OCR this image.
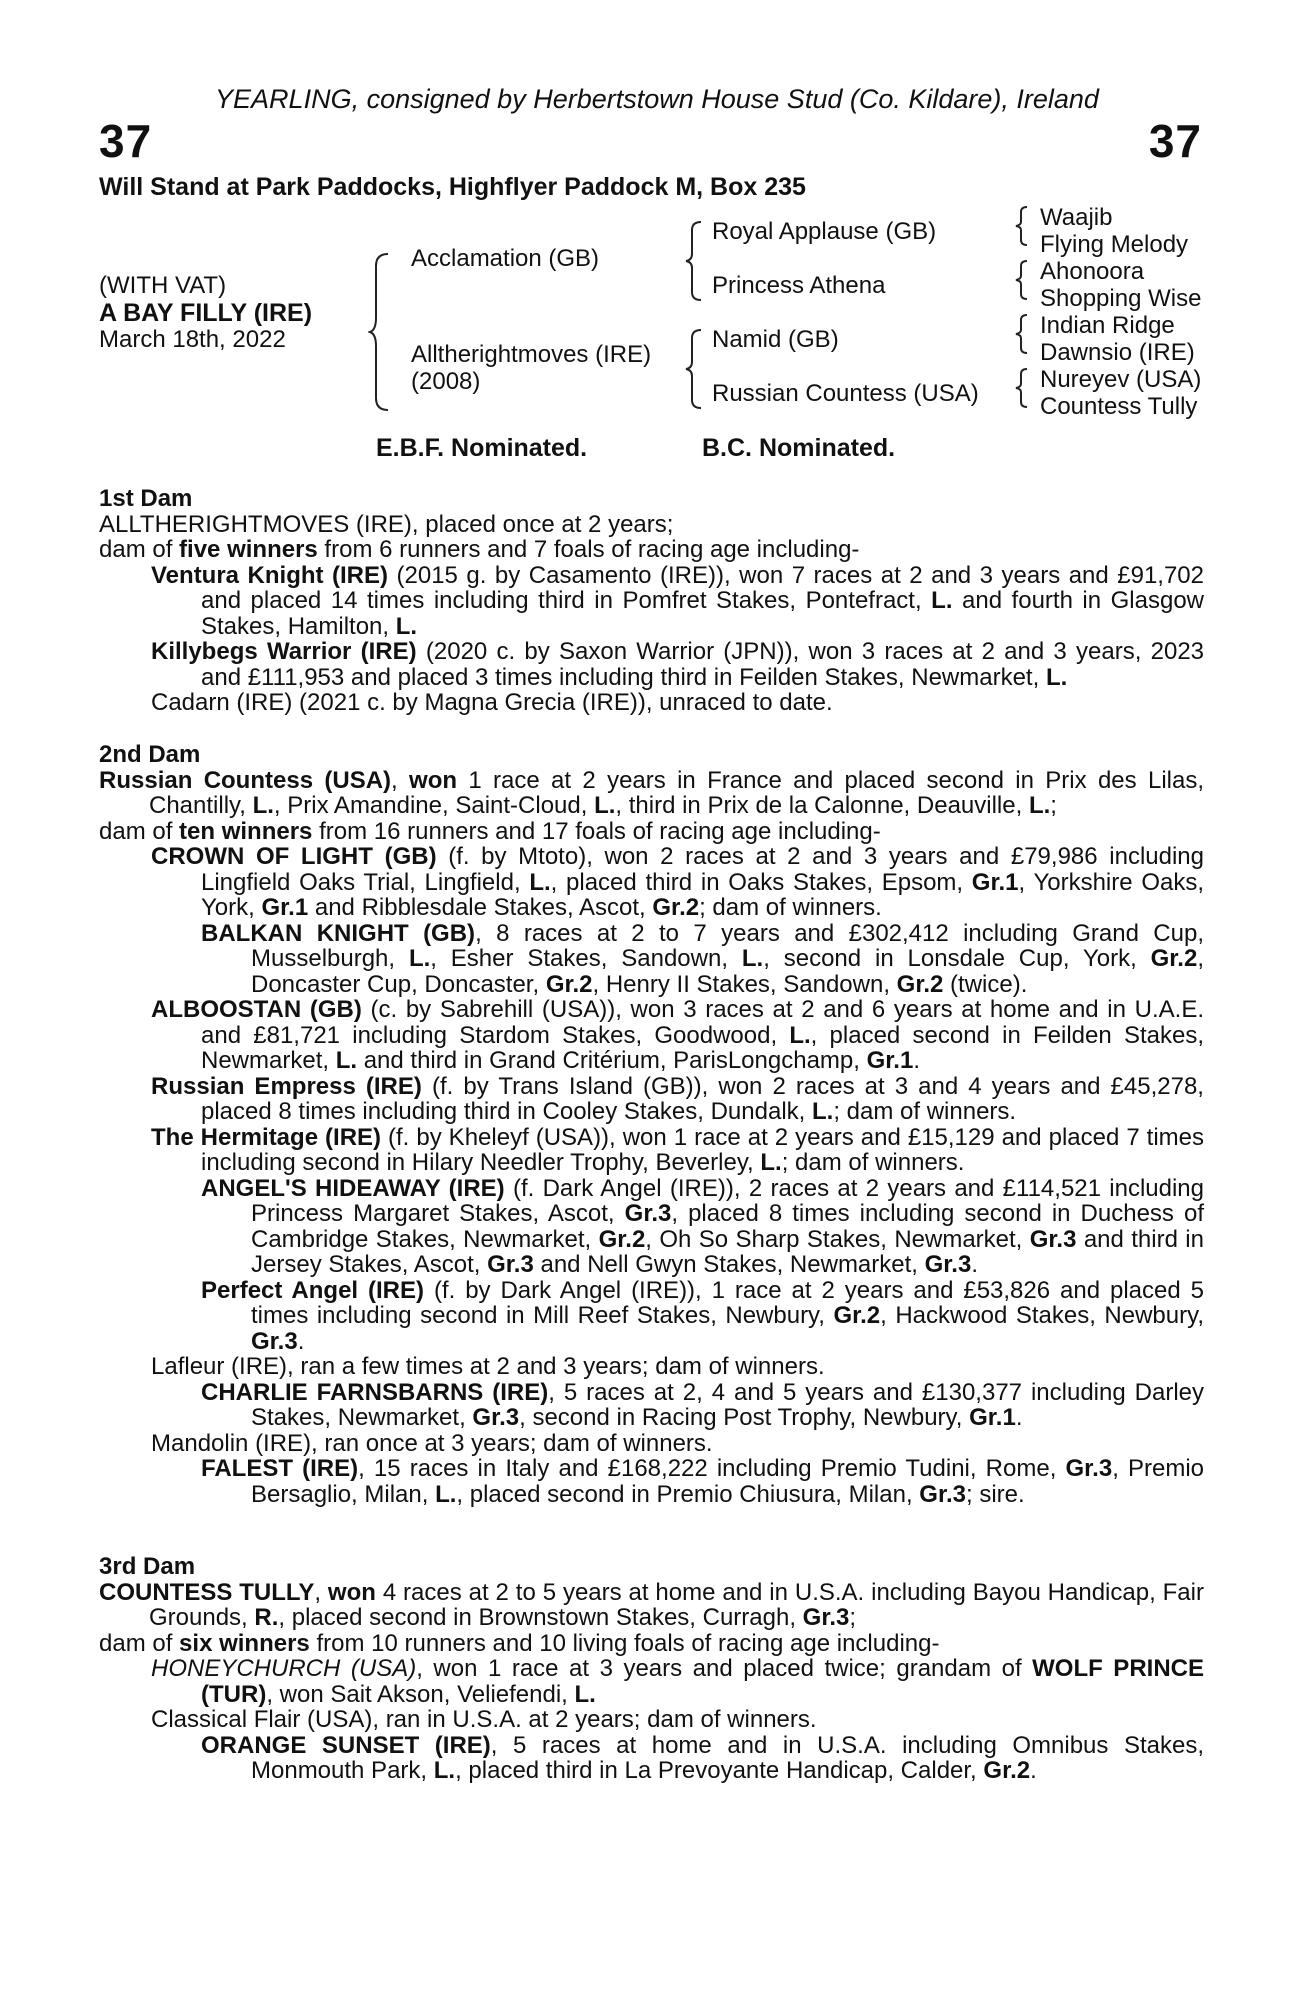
YEARLING, consigned by Herbertstown House Stud (Co. Kildare), Ireland
37	37
Will Stand at Park Paddocks, Highflyer Paddock M, Box 235
(WITH VAT)
A BAY FILLY (IRE)
March 18th, 2022
Acclamation (GB)
Alltherightmoves (IRE)
(2008)
Royal Applause (GB)
Princess Athena
Namid (GB)
Russian Countess (USA)
Waajib
Flying Melody
Ahonoora
Shopping Wise
Indian Ridge
Dawnsio (IRE)
Nureyev (USA)
Countess Tully
E.B.F. Nominated.	B.C. Nominated.

1st Dam

ALLTHERIGHTMOVES (IRE), placed once at 2 years;

dam of five winners from 6 runners and 7 foals of racing age including-

Ventura Knight (IRE) (2015 g. by Casamento (IRE)), won 7 races at 2 and 3 years and £91,702 and placed 14 times including third in Pomfret Stakes, Pontefract, L. and fourth in Glasgow Stakes, Hamilton, L.

Killybegs Warrior (IRE) (2020 c. by Saxon Warrior (JPN)), won 3 races at 2 and 3 years, 2023 and £111,953 and placed 3 times including third in Feilden Stakes, Newmarket, L.

Cadarn (IRE) (2021 c. by Magna Grecia (IRE)), unraced to date.

2nd Dam

Russian Countess (USA), won 1 race at 2 years in France and placed second in Prix des Lilas, Chantilly, L., Prix Amandine, Saint-Cloud, L., third in Prix de la Calonne, Deauville, L.;

dam of ten winners from 16 runners and 17 foals of racing age including-

CROWN OF LIGHT (GB) (f. by Mtoto), won 2 races at 2 and 3 years and £79,986 including Lingfield Oaks Trial, Lingfield, L., placed third in Oaks Stakes, Epsom, Gr.1, Yorkshire Oaks, York, Gr.1 and Ribblesdale Stakes, Ascot, Gr.2; dam of winners.

BALKAN KNIGHT (GB), 8 races at 2 to 7 years and £302,412 including Grand Cup, Musselburgh, L., Esher Stakes, Sandown, L., second in Lonsdale Cup, York, Gr.2, Doncaster Cup, Doncaster, Gr.2, Henry II Stakes, Sandown, Gr.2 (twice).

ALBOOSTAN (GB) (c. by Sabrehill (USA)), won 3 races at 2 and 6 years at home and in U.A.E. and £81,721 including Stardom Stakes, Goodwood, L., placed second in Feilden Stakes, Newmarket, L. and third in Grand Critérium, ParisLongchamp, Gr.1.

Russian Empress (IRE) (f. by Trans Island (GB)), won 2 races at 3 and 4 years and £45,278, placed 8 times including third in Cooley Stakes, Dundalk, L.; dam of winners.

The Hermitage (IRE) (f. by Kheleyf (USA)), won 1 race at 2 years and £15,129 and placed 7 times including second in Hilary Needler Trophy, Beverley, L.; dam of winners.

ANGEL'S HIDEAWAY (IRE) (f. Dark Angel (IRE)), 2 races at 2 years and £114,521 including Princess Margaret Stakes, Ascot, Gr.3, placed 8 times including second in Duchess of Cambridge Stakes, Newmarket, Gr.2, Oh So Sharp Stakes, Newmarket, Gr.3 and third in Jersey Stakes, Ascot, Gr.3 and Nell Gwyn Stakes, Newmarket, Gr.3.

Perfect Angel (IRE) (f. by Dark Angel (IRE)), 1 race at 2 years and £53,826 and placed 5 times including second in Mill Reef Stakes, Newbury, Gr.2, Hackwood Stakes, Newbury, Gr.3.

Lafleur (IRE), ran a few times at 2 and 3 years; dam of winners.

CHARLIE FARNSBARNS (IRE), 5 races at 2, 4 and 5 years and £130,377 including Darley Stakes, Newmarket, Gr.3, second in Racing Post Trophy, Newbury, Gr.1.

Mandolin (IRE), ran once at 3 years; dam of winners.

FALEST (IRE), 15 races in Italy and £168,222 including Premio Tudini, Rome, Gr.3, Premio Bersaglio, Milan, L., placed second in Premio Chiusura, Milan, Gr.3; sire.

3rd Dam

COUNTESS TULLY, won 4 races at 2 to 5 years at home and in U.S.A. including Bayou Handicap, Fair Grounds, R., placed second in Brownstown Stakes, Curragh, Gr.3;

dam of six winners from 10 runners and 10 living foals of racing age including-

HONEYCHURCH (USA), won 1 race at 3 years and placed twice; grandam of WOLF PRINCE (TUR), won Sait Akson, Veliefendi, L.

Classical Flair (USA), ran in U.S.A. at 2 years; dam of winners.

ORANGE SUNSET (IRE), 5 races at home and in U.S.A. including Omnibus Stakes, Monmouth Park, L., placed third in La Prevoyante Handicap, Calder, Gr.2.
